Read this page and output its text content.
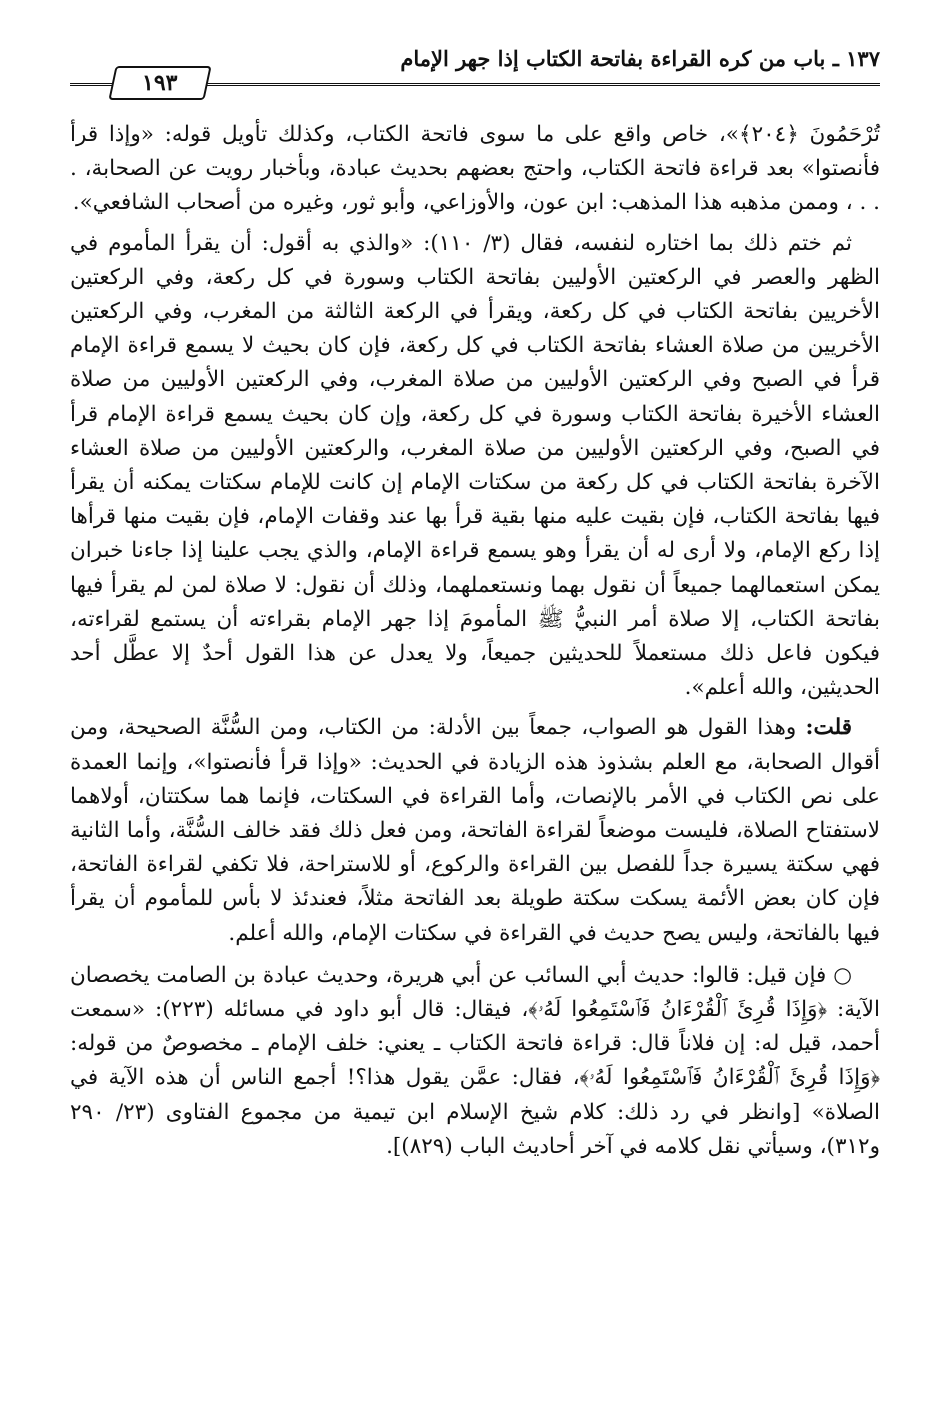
١٣٧ ـ باب من كره القراءة بفاتحة الكتاب إذا جهر الإمام
١٩٣

تُرْحَمُونَ ﴿٢٠٤﴾»، خاص واقع على ما سوى فاتحة الكتاب، وكذلك تأويل قوله: «وإذا قرأ فأنصتوا» بعد قراءة فاتحة الكتاب، واحتج بعضهم بحديث عبادة، وبأخبار رويت عن الصحابة، . . . ، وممن مذهبه هذا المذهب: ابن عون، والأوزاعي، وأبو ثور، وغيره من أصحاب الشافعي».

ثم ختم ذلك بما اختاره لنفسه، فقال (٣/ ١١٠): «والذي به أقول: أن يقرأ المأموم في الظهر والعصر في الركعتين الأوليين بفاتحة الكتاب وسورة في كل ركعة، وفي الركعتين الأخريين بفاتحة الكتاب في كل ركعة، ويقرأ في الركعة الثالثة من المغرب، وفي الركعتين الأخريين من صلاة العشاء بفاتحة الكتاب في كل ركعة، فإن كان بحيث لا يسمع قراءة الإمام قرأ في الصبح وفي الركعتين الأوليين من صلاة المغرب، وفي الركعتين الأوليين من صلاة العشاء الأخيرة بفاتحة الكتاب وسورة في كل ركعة، وإن كان بحيث يسمع قراءة الإمام قرأ في الصبح، وفي الركعتين الأوليين من صلاة المغرب، والركعتين الأوليين من صلاة العشاء الآخرة بفاتحة الكتاب في كل ركعة من سكتات الإمام إن كانت للإمام سكتات يمكنه أن يقرأ فيها بفاتحة الكتاب، فإن بقيت عليه منها بقية قرأ بها عند وقفات الإمام، فإن بقيت منها قرأها إذا ركع الإمام، ولا أرى له أن يقرأ وهو يسمع قراءة الإمام، والذي يجب علينا إذا جاءنا خبران يمكن استعمالهما جميعاً أن نقول بهما ونستعملهما، وذلك أن نقول: لا صلاة لمن لم يقرأ فيها بفاتحة الكتاب، إلا صلاة أمر النبيُّ ﷺ المأمومَ إذا جهر الإمام بقراءته أن يستمع لقراءته، فيكون فاعل ذلك مستعملاً للحديثين جميعاً، ولا يعدل عن هذا القول أحدٌ إلا عطَّل أحد الحديثين، والله أعلم».

قلت: وهذا القول هو الصواب، جمعاً بين الأدلة: من الكتاب، ومن السُّنَّة الصحيحة، ومن أقوال الصحابة، مع العلم بشذوذ هذه الزيادة في الحديث: «وإذا قرأ فأنصتوا»، وإنما العمدة على نص الكتاب في الأمر بالإنصات، وأما القراءة في السكتات، فإنما هما سكتتان، أولاهما لاستفتاح الصلاة، فليست موضعاً لقراءة الفاتحة، ومن فعل ذلك فقد خالف السُّنَّة، وأما الثانية فهي سكتة يسيرة جداً للفصل بين القراءة والركوع، أو للاستراحة، فلا تكفي لقراءة الفاتحة، فإن كان بعض الأئمة يسكت سكتة طويلة بعد الفاتحة مثلاً، فعندئذ لا بأس للمأموم أن يقرأ فيها بالفاتحة، وليس يصح حديث في القراءة في سكتات الإمام، والله أعلم.

○ فإن قيل: قالوا: حديث أبي السائب عن أبي هريرة، وحديث عبادة بن الصامت يخصصان الآية: ﴿وَإِذَا قُرِئَ ٱلْقُرْءَانُ فَٱسْتَمِعُوا لَهُۥ﴾، فيقال: قال أبو داود في مسائله (٢٢٣): «سمعت أحمد، قيل له: إن فلاناً قال: قراءة فاتحة الكتاب ـ يعني: خلف الإمام ـ مخصوصٌ من قوله: ﴿وَإِذَا قُرِئَ ٱلْقُرْءَانُ فَٱسْتَمِعُوا لَهُۥ﴾، فقال: عمَّن يقول هذا؟! أجمع الناس أن هذه الآية في الصلاة» [وانظر في رد ذلك: كلام شيخ الإسلام ابن تيمية من مجموع الفتاوى (٢٣/ ٢٩٠ و٣١٢)، وسيأتي نقل كلامه في آخر أحاديث الباب (٨٢٩)].
